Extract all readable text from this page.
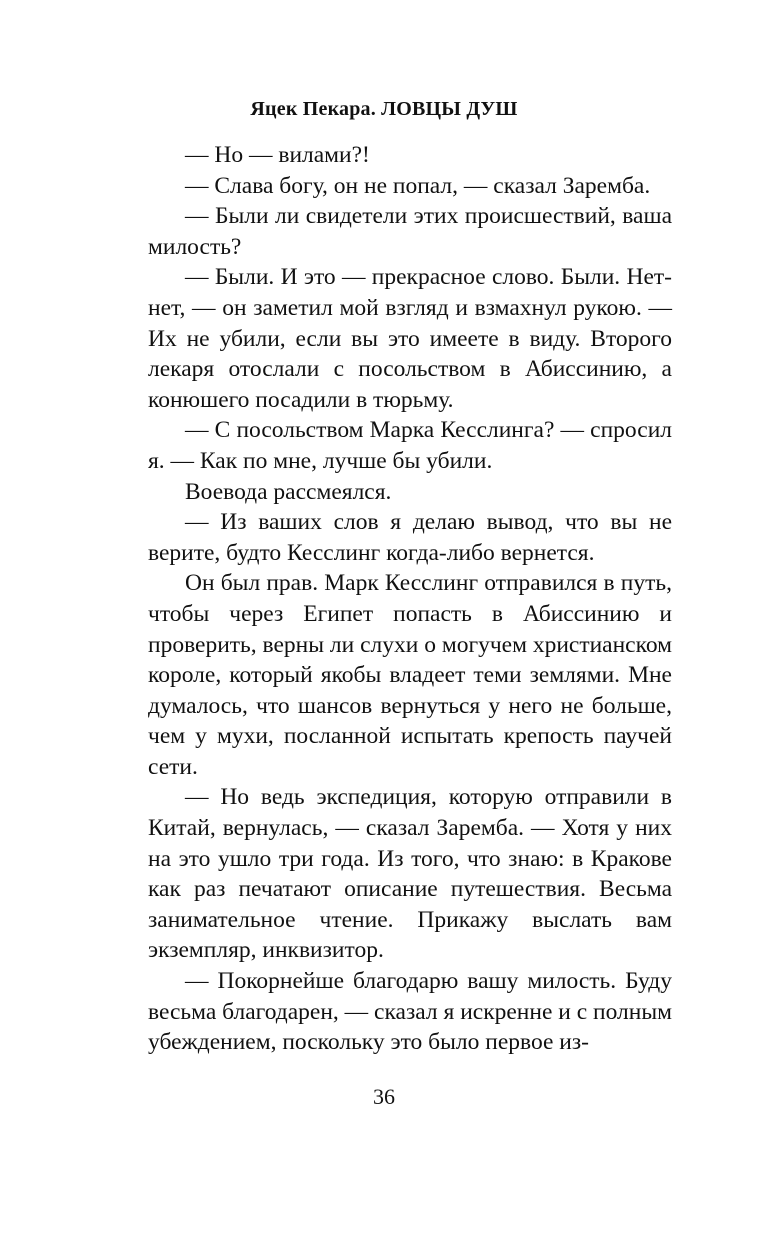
Яцек Пекара. ЛОВЦЫ ДУШ

— Но — вилами?!

— Слава богу, он не попал, — сказал Зарембa.

— Были ли свидетели этих происшествий, ваша милость?

— Были. И это — прекрасное слово. Были. Нет-нет, — он заметил мой взгляд и взмахнул рукою. — Их не убили, если вы это имеете в виду. Второго лекаря отослали с посольством в Абиссинию, а конюшего посадили в тюрьму.

— С посольством Марка Кесслинга? — спросил я. — Как по мне, лучше бы убили.

Воевода рассмеялся.

— Из ваших слов я делаю вывод, что вы не верите, будто Кесслинг когда-либо вернется.

Он был прав. Марк Кесслинг отправился в путь, чтобы через Египет попасть в Абиссинию и проверить, верны ли слухи о могучем христианском короле, который якобы владеет теми землями. Мне думалось, что шансов вернуться у него не больше, чем у мухи, посланной испытать крепость паучей сети.

— Но ведь экспедиция, которую отправили в Китай, вернулась, — сказал Зарембa. — Хотя у них на это ушло три года. Из того, что знаю: в Кракове как раз печатают описание путешествия. Весьма занимательное чтение. Прикажу выслать вам экземпляр, инквизитор.

— Покорнейше благодарю вашу милость. Буду весьма благодарен, — сказал я искренне и с полным убеждением, поскольку это было первое из-

36
